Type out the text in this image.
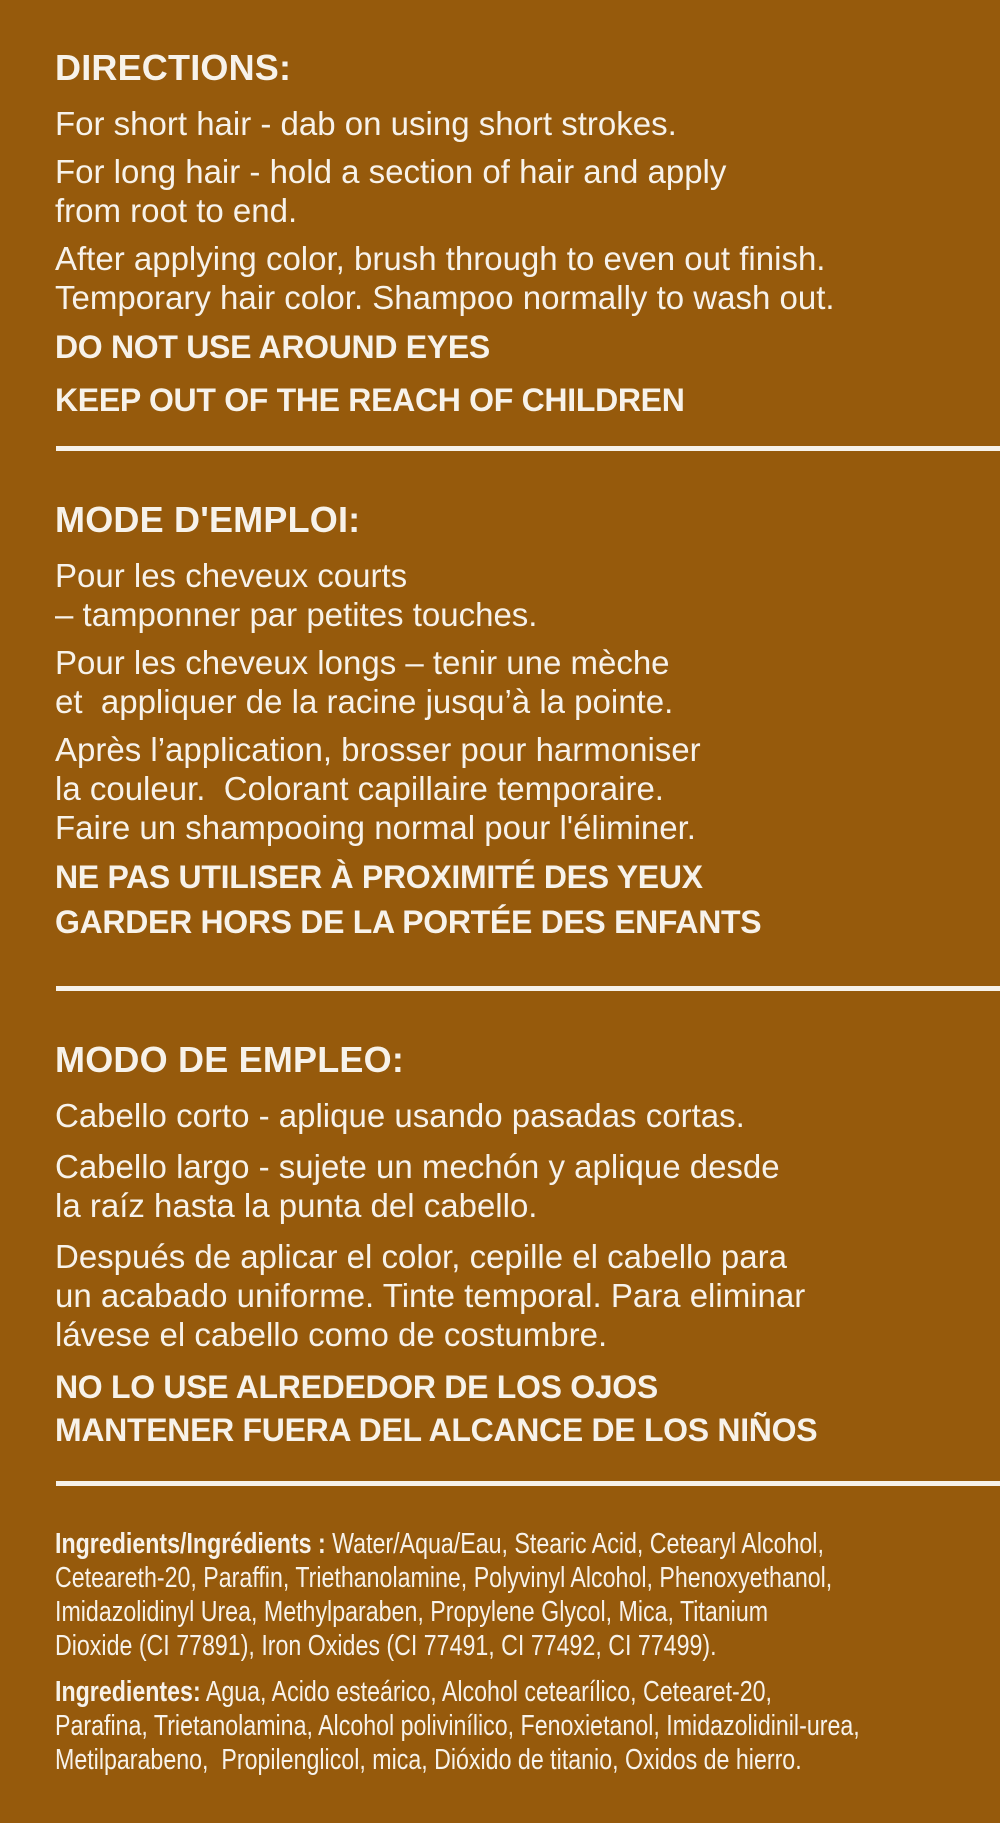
DIRECTIONS:
For short hair - dab on using short strokes.
For long hair - hold a section of hair and apply
from root to end.
After applying color, brush through to even out finish.
Temporary hair color. Shampoo normally to wash out.
DO NOT USE AROUND EYES
KEEP OUT OF THE REACH OF CHILDREN
MODE D'EMPLOI:
Pour les cheveux courts
– tamponner par petites touches.
Pour les cheveux longs – tenir une mèche
et  appliquer de la racine jusqu’à la pointe.
Après l’application, brosser pour harmoniser
la couleur.  Colorant capillaire temporaire.
Faire un shampooing normal pour l'éliminer.
NE PAS UTILISER À PROXIMITÉ DES YEUX
GARDER HORS DE LA PORTÉE DES ENFANTS
MODO DE EMPLEO:
Cabello corto - aplique usando pasadas cortas.
Cabello largo - sujete un mechón y aplique desde
la raíz hasta la punta del cabello.
Después de aplicar el color, cepille el cabello para
un acabado uniforme. Tinte temporal. Para eliminar
lávese el cabello como de costumbre.
NO LO USE ALREDEDOR DE LOS OJOS
MANTENER FUERA DEL ALCANCE DE LOS NIÑOS
Ingredients/Ingrédients : Water/Aqua/Eau, Stearic Acid, Cetearyl Alcohol,
Ceteareth-20, Paraffin, Triethanolamine, Polyvinyl Alcohol, Phenoxyethanol,
Imidazolidinyl Urea, Methylparaben, Propylene Glycol, Mica, Titanium
Dioxide (CI 77891), Iron Oxides (CI 77491, CI 77492, CI 77499).
Ingredientes: Agua, Acido esteárico, Alcohol cetearílico, Cetearet-20,
Parafina, Trietanolamina, Alcohol polivinílico, Fenoxietanol, Imidazolidinil-urea,
Metilparabeno,  Propilenglicol, mica, Dióxido de titanio, Oxidos de hierro.
